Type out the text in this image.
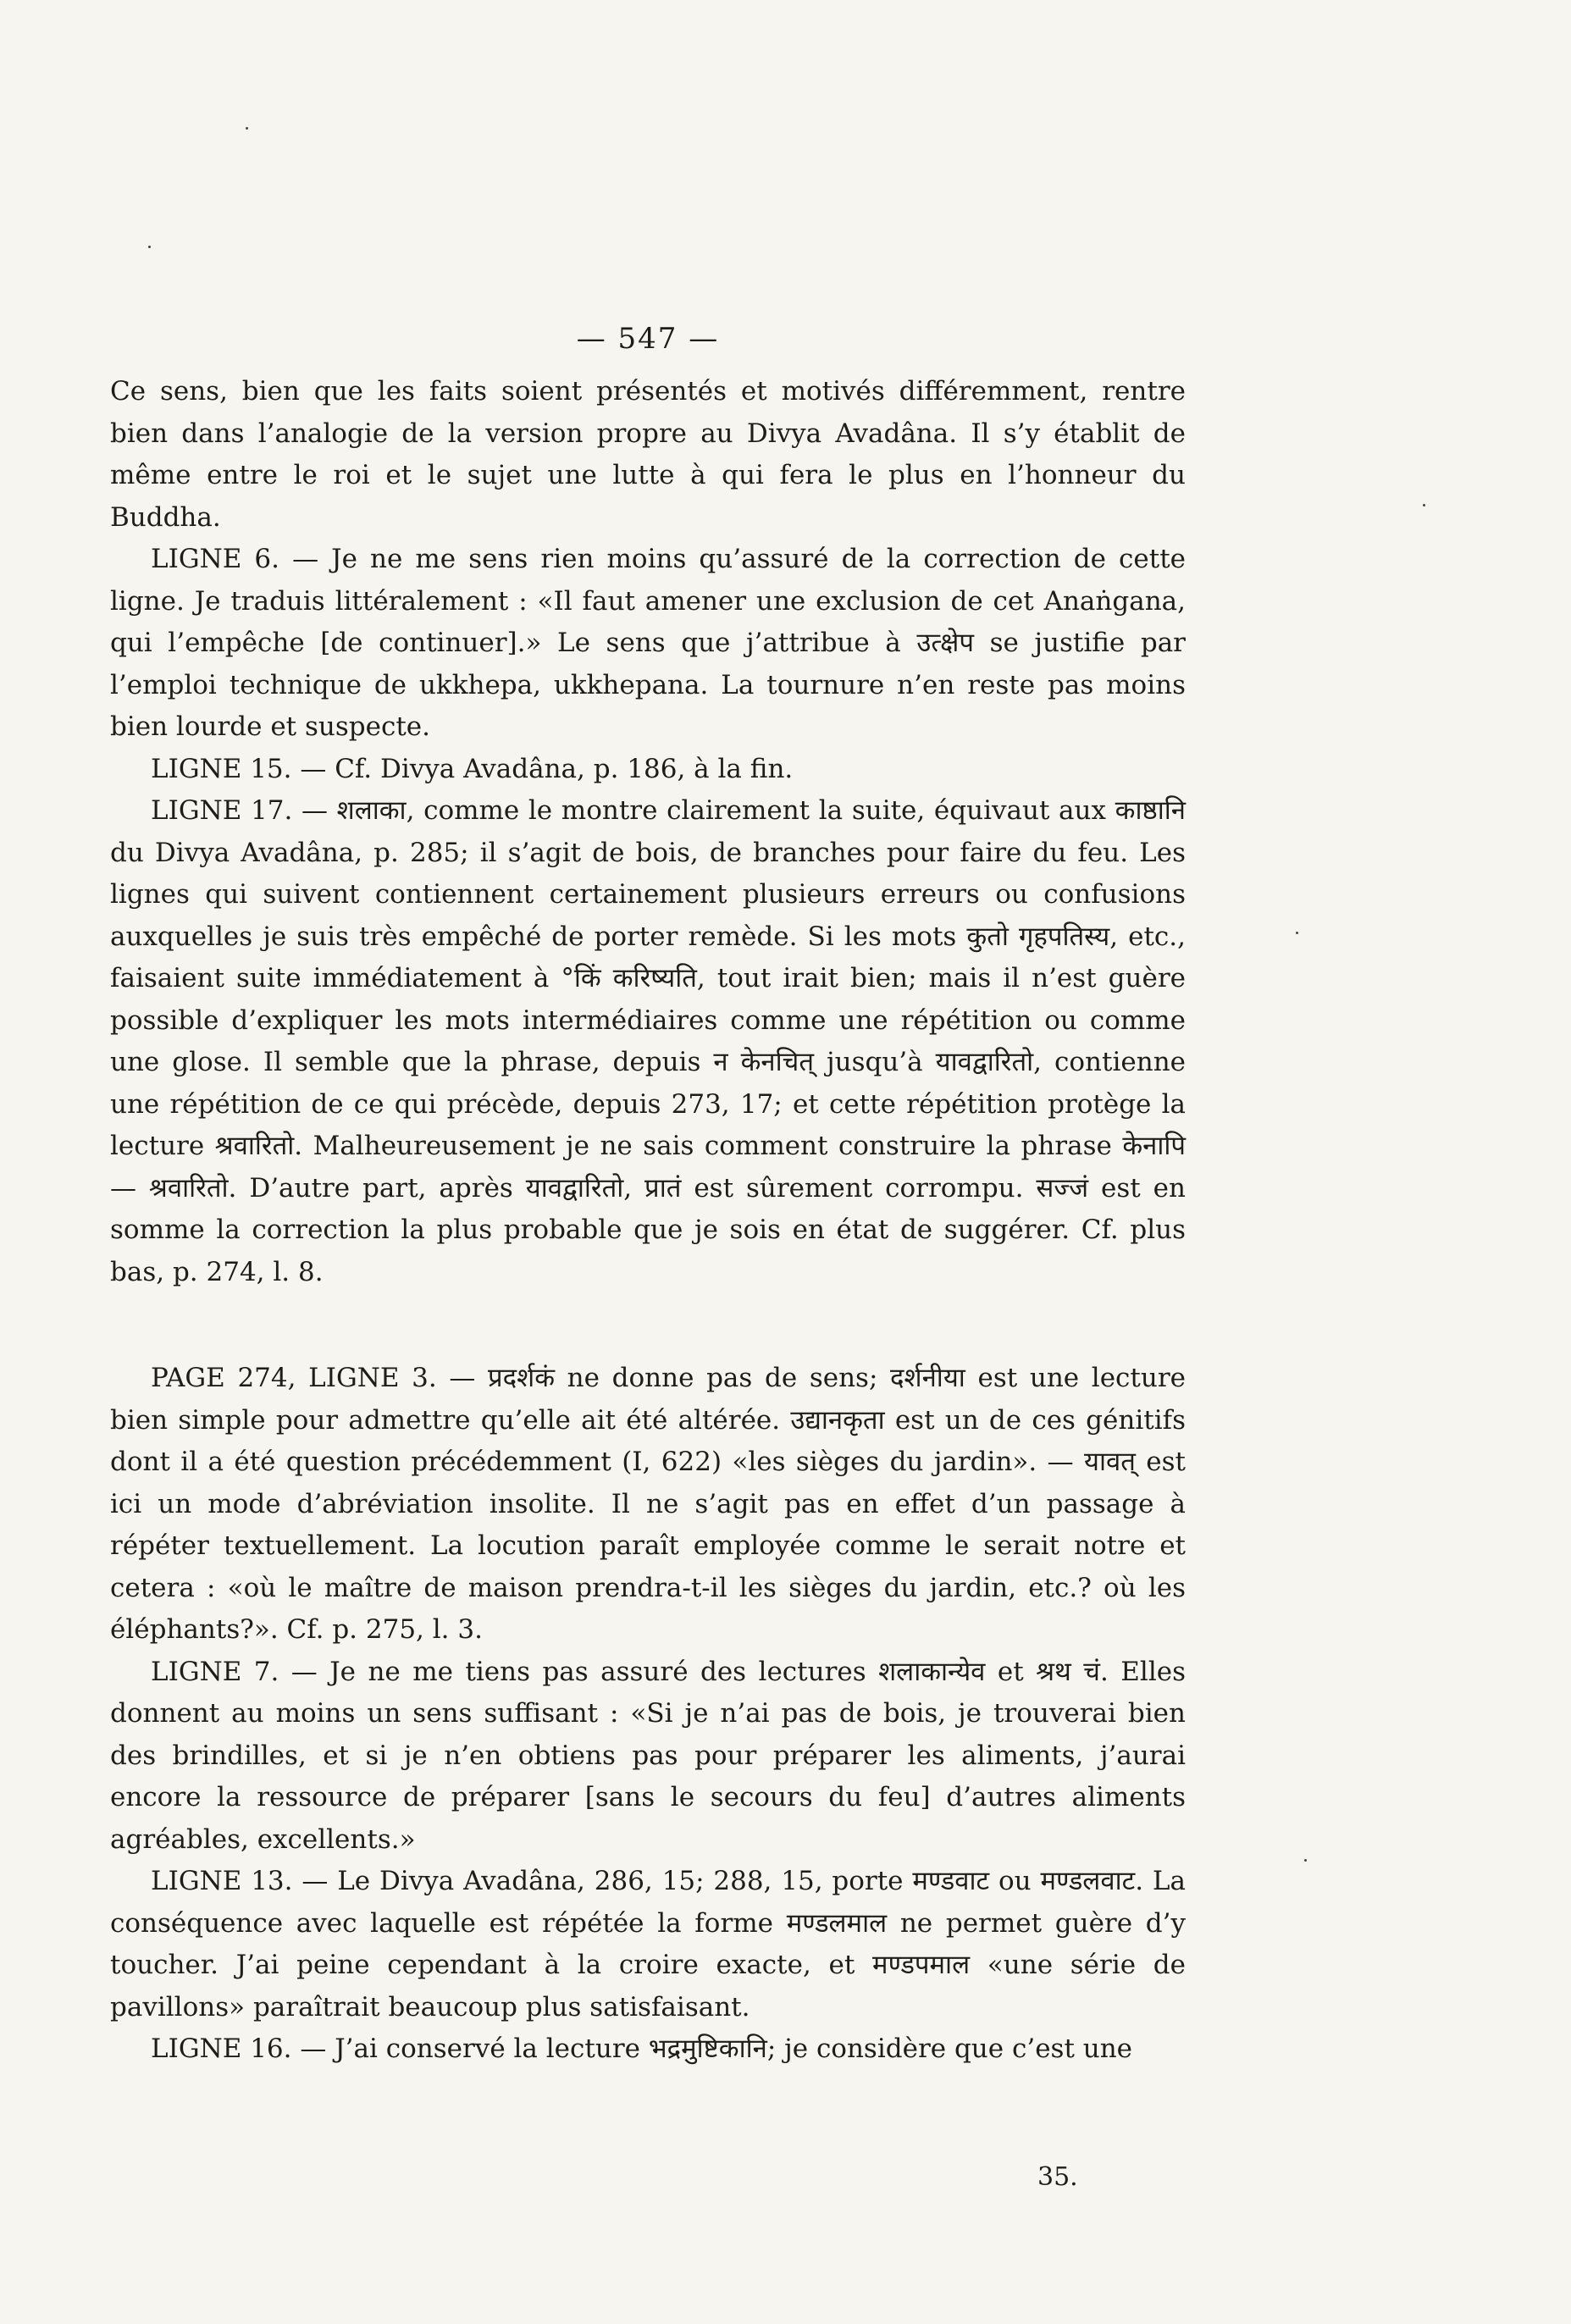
— 547 —

Ce sens, bien que les faits soient présentés et motivés différemment, rentre bien dans l’analogie de la version propre au Divya Avadâna. Il s’y établit de même entre le roi et le sujet une lutte à qui fera le plus en l’honneur du Buddha.

LIGNE 6. — Je ne me sens rien moins qu’assuré de la correction de cette ligne. Je traduis littéralement : «Il faut amener une exclusion de cet Anaṅgana, qui l’empêche [de continuer].» Le sens que j’attribue à उत्क्षेप se justifie par l’emploi technique de ukkhepa, ukkhepana. La tournure n’en reste pas moins bien lourde et suspecte.

LIGNE 15. — Cf. Divya Avadâna, p. 186, à la fin.

LIGNE 17. — शलाका, comme le montre clairement la suite, équivaut aux काष्ठानि du Divya Avadâna, p. 285; il s’agit de bois, de branches pour faire du feu. Les lignes qui suivent contiennent certainement plusieurs erreurs ou confusions auxquelles je suis très empêché de porter remède. Si les mots कुतो गृहपतिस्य, etc., faisaient suite immédiatement à °किं करिष्यति, tout irait bien; mais il n’est guère possible d’expliquer les mots intermédiaires comme une répétition ou comme une glose. Il semble que la phrase, depuis न केनचित् jusqu’à यावद्वारिताे, contienne une répétition de ce qui précède, depuis 273, 17; et cette répétition protège la lecture श्रवारिताे. Malheureusement je ne sais comment construire la phrase केनापि — श्रवारिताे. D’autre part, après यावद्वारिताे, प्रातं est sûrement corrompu. सज्जं est en somme la correction la plus probable que je sois en état de suggérer. Cf. plus bas, p. 274, l. 8.

PAGE 274, LIGNE 3. — प्रदर्शकं ne donne pas de sens; दर्शनीया est une lecture bien simple pour admettre qu’elle ait été altérée. उद्यानकृता est un de ces génitifs dont il a été question précédemment (I, 622) «les sièges du jardin». — यावत् est ici un mode d’abréviation insolite. Il ne s’agit pas en effet d’un passage à répéter textuellement. La locution paraît employée comme le serait notre et cetera : «où le maître de maison prendra-t-il les sièges du jardin, etc.? où les éléphants?». Cf. p. 275, l. 3.

LIGNE 7. — Je ne me tiens pas assuré des lectures शलाकान्येव et श्रथ चं. Elles donnent au moins un sens suffisant : «Si je n’ai pas de bois, je trouverai bien des brindilles, et si je n’en obtiens pas pour préparer les aliments, j’aurai encore la ressource de préparer [sans le secours du feu] d’autres aliments agréables, excellents.»

LIGNE 13. — Le Divya Avadâna, 286, 15; 288, 15, porte मण्डवाट ou मण्डलवाट. La conséquence avec laquelle est répétée la forme मण्डलमाल ne permet guère d’y toucher. J’ai peine cependant à la croire exacte, et मण्डपमाल «une série de pavillons» paraîtrait beaucoup plus satisfaisant.

LIGNE 16. — J’ai conservé la lecture भद्रमुष्टिकानि; je considère que c’est une

35.
